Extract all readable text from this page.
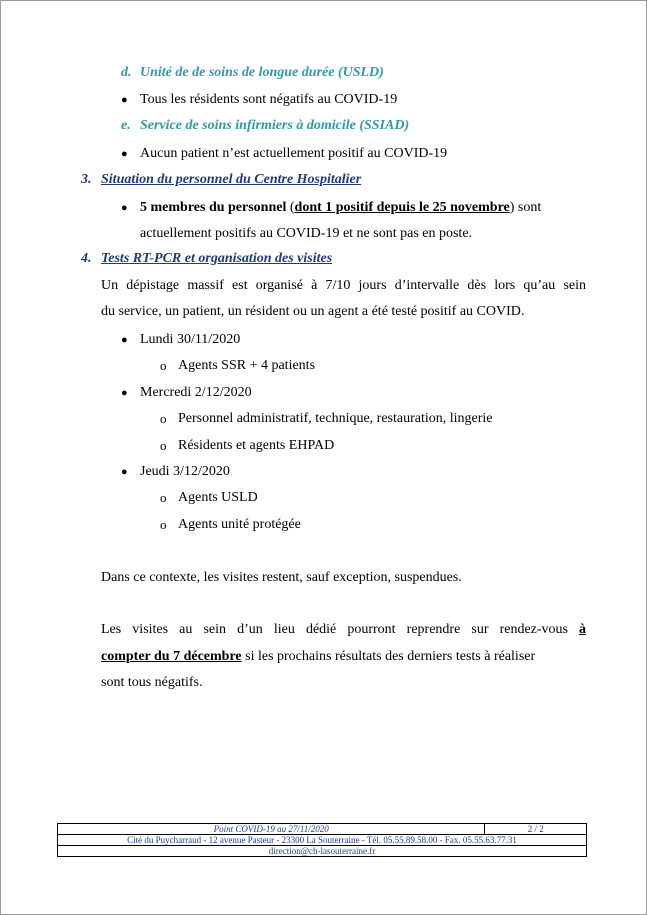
d. Unité de de soins de longue durée (USLD)
● Tous les résidents sont négatifs au COVID-19
e. Service de soins infirmiers à domicile (SSIAD)
● Aucun patient n’est actuellement positif au COVID-19
3. Situation du personnel du Centre Hospitalier
● 5 membres du personnel (dont 1 positif depuis le 25 novembre) sont
actuellement positifs au COVID-19 et ne sont pas en poste.
4. Tests RT-PCR et organisation des visites
Un dépistage massif est organisé à 7/10 jours d’intervalle dès lors qu’au sein
du service, un patient, un résident ou un agent a été testé positif au COVID.
● Lundi 30/11/2020
o Agents SSR + 4 patients
● Mercredi 2/12/2020
o Personnel administratif, technique, restauration, lingerie
o Résidents et agents EHPAD
● Jeudi 3/12/2020
o Agents USLD
o Agents unité protégée
Dans ce contexte, les visites restent, sauf exception, suspendues.
Les visites au sein d’un lieu dédié pourront reprendre sur rendez-vous à
compter du 7 décembre si les prochains résultats des derniers tests à réaliser
sont tous négatifs.
Point COVID-19 au 27/11/2020	2 / 2
Cité du Puycharraud - 12 avenue Pasteur - 23300 La Souterraine - Tél. 05.55.89.58.00 - Fax. 05.55.63.77.31
direction@ch-lasouterraine.fr
